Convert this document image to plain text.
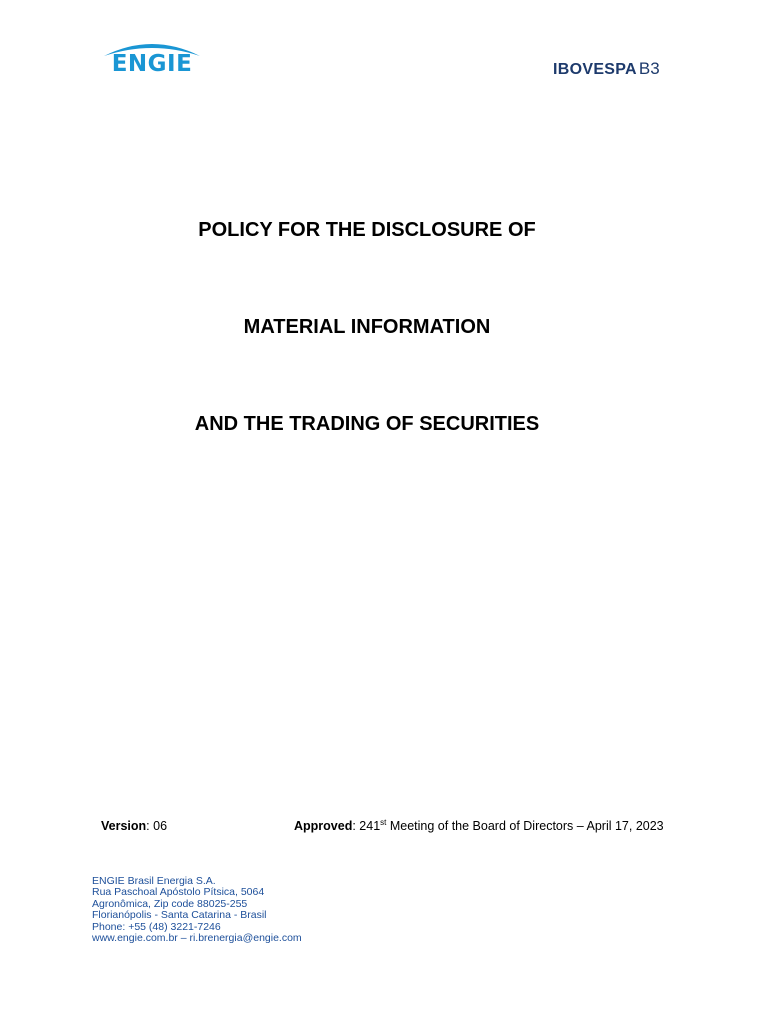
ENGIE	IBOVESPA B3
POLICY FOR THE DISCLOSURE OF
MATERIAL INFORMATION
AND THE TRADING OF SECURITIES
Version: 06	Approved: 241st Meeting of the Board of Directors – April 17, 2023
ENGIE Brasil Energia S.A.
Rua Paschoal Apóstolo Pítsica, 5064
Agronômica, Zip code 88025-255
Florianópolis - Santa Catarina - Brasil
Phone: +55 (48) 3221-7246
www.engie.com.br – ri.brenergia@engie.com
